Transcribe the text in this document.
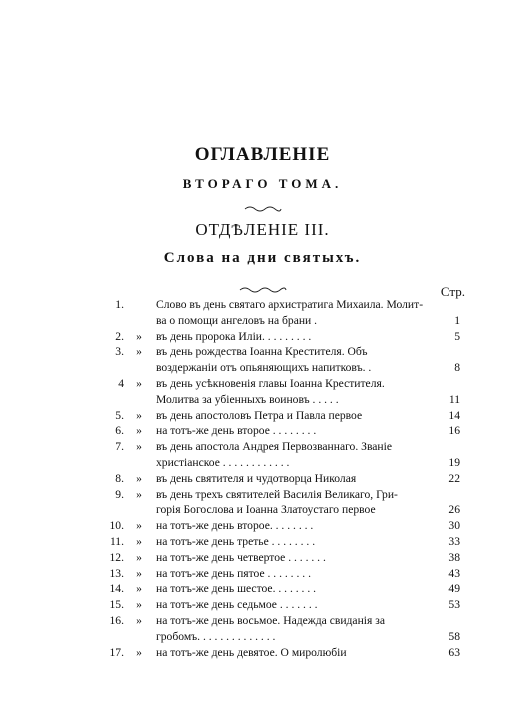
ОГЛАВЛЕНІЕ
ВТОРАГО ТОМА.
ОТДѢЛЕНІЕ III.
Слова на дни святыхъ.
Стр.
1.	Слово въ день святаго архистратига Михаила. Молит-
ва о помощи ангеловъ на брани .	1
2.	»	въ день пророка Иліи. . . . . . . . .	5
3.	»	въ день рождества Іоанна Крестителя. Объ
воздержаніи отъ опьяняющихъ напитковъ. .	8
4	»	въ день усѣкновенія главы Іоанна Крестителя.
Молитва за убіенныхъ воиновъ . . . . .	11
5.	»	въ день апостоловъ Петра и Павла первое	14
6.	»	на тотъ-же день второе . . . . . . . .	16
7.	»	въ день апостола Андрея Первозваннаго. Званіе
христіанское . . . . . . . . . . . .	19
8.	»	въ день святителя и чудотворца Николая	22
9.	»	въ день трехъ святителей Василія Великаго, Гри-
горія Богослова и Іоанна Златоустаго первое	26
10.	»	на тотъ-же день второе. . . . . . . .	30
11.	»	на тотъ-же день третье . . . . . . . .	33
12.	»	на тотъ-же день четвертое . . . . . . .	38
13.	»	на тотъ-же день пятое . . . . . . . .	43
14.	»	на тотъ-же день шестое. . . . . . . .	49
15.	»	на тотъ-же день седьмое . . . . . . .	53
16.	»	на тотъ-же день восьмое. Надежда свиданія за
гробомъ. . . . . . . . . . . . . .	58
17.	»	на тотъ-же день девятое. О миролюбіи	63
